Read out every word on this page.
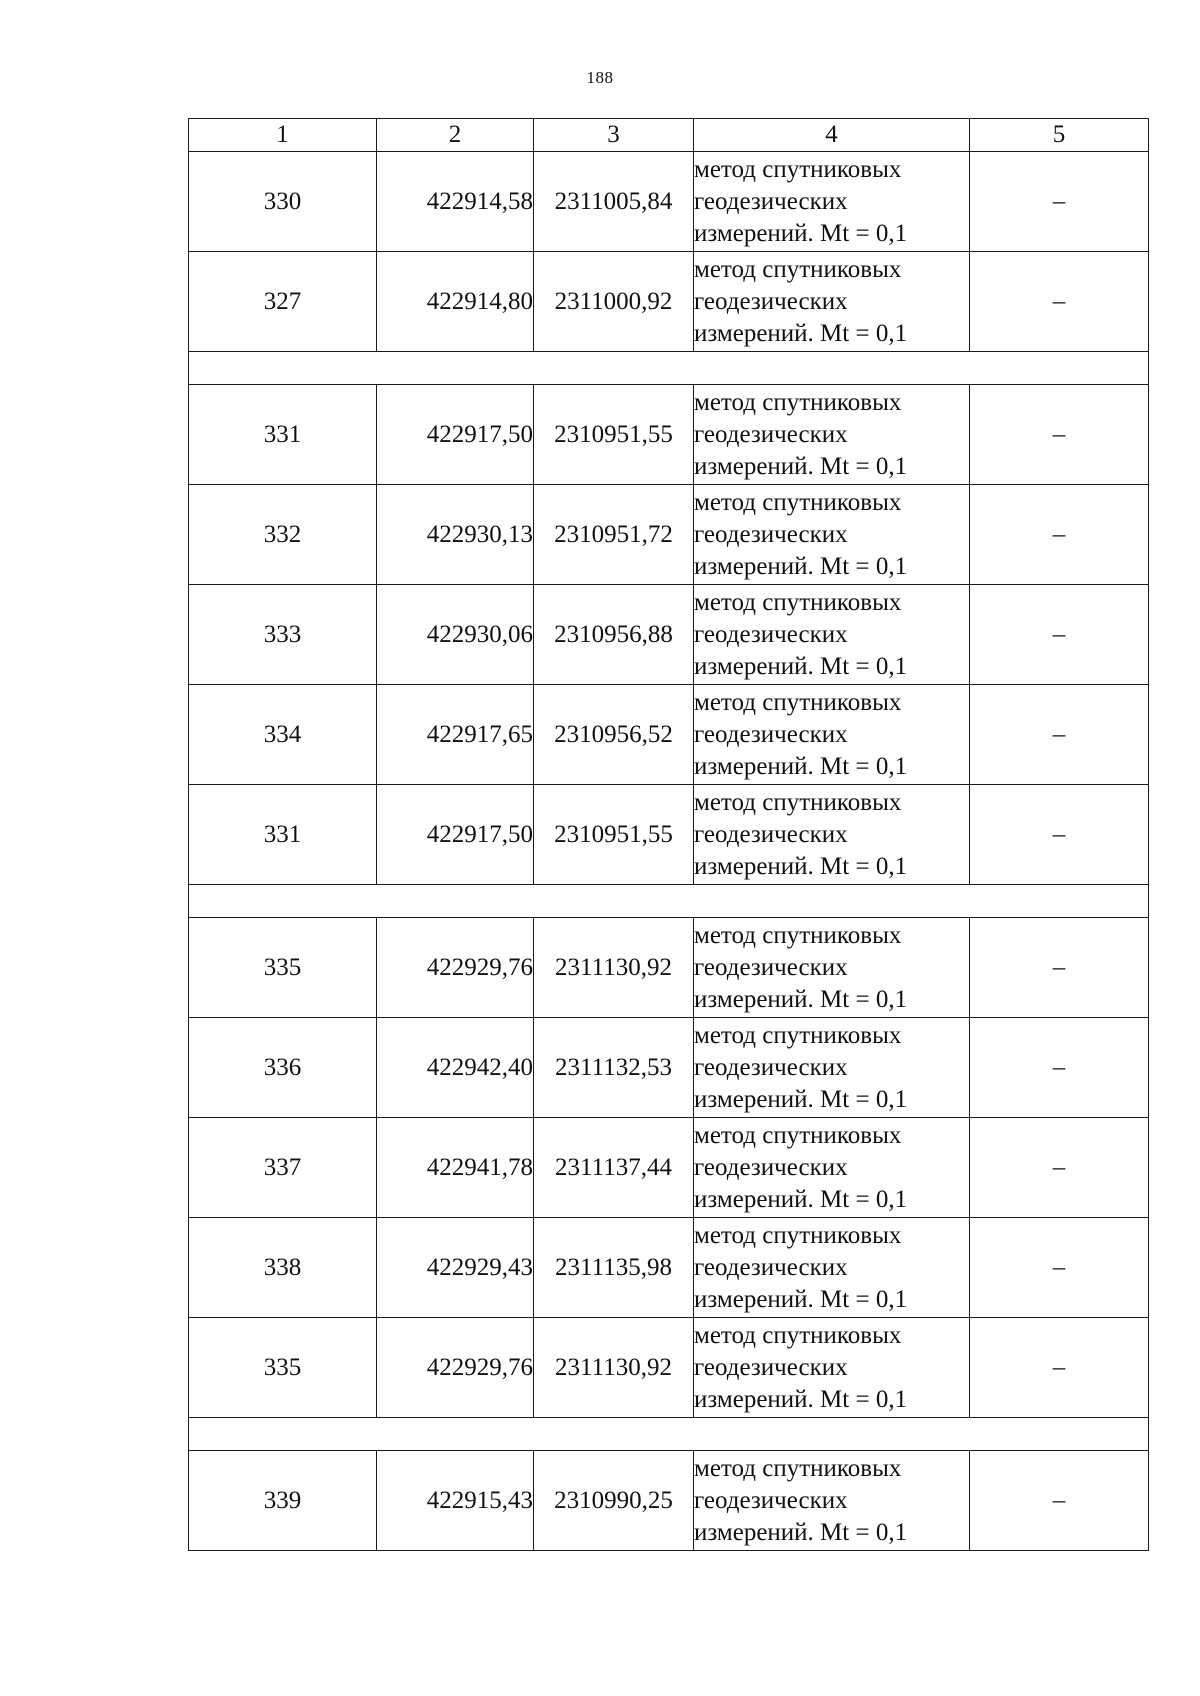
188
1	2	3	4	5
330	422914,58	2311005,84	метод спутниковых
геодезических
измерений. Mt = 0,1	–
327	422914,80	2311000,92	метод спутниковых
геодезических
измерений. Mt = 0,1	–

331	422917,50	2310951,55	метод спутниковых
геодезических
измерений. Mt = 0,1	–
332	422930,13	2310951,72	метод спутниковых
геодезических
измерений. Mt = 0,1	–
333	422930,06	2310956,88	метод спутниковых
геодезических
измерений. Mt = 0,1	–
334	422917,65	2310956,52	метод спутниковых
геодезических
измерений. Mt = 0,1	–
331	422917,50	2310951,55	метод спутниковых
геодезических
измерений. Mt = 0,1	–

335	422929,76	2311130,92	метод спутниковых
геодезических
измерений. Mt = 0,1	–
336	422942,40	2311132,53	метод спутниковых
геодезических
измерений. Mt = 0,1	–
337	422941,78	2311137,44	метод спутниковых
геодезических
измерений. Mt = 0,1	–
338	422929,43	2311135,98	метод спутниковых
геодезических
измерений. Mt = 0,1	–
335	422929,76	2311130,92	метод спутниковых
геодезических
измерений. Mt = 0,1	–

339	422915,43	2310990,25	метод спутниковых
геодезических
измерений. Mt = 0,1	–
